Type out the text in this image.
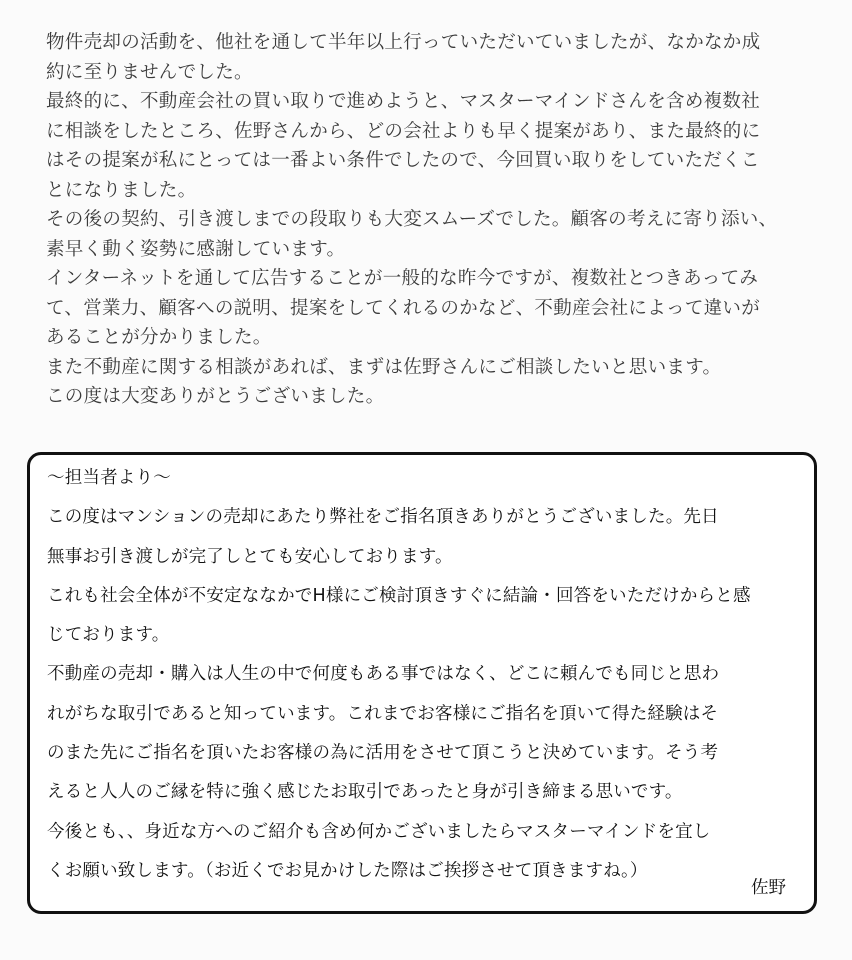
物件売却の活動を、他社を通して半年以上行っていただいていましたが、なかなか成
約に至りませんでした。
最終的に、不動産会社の買い取りで進めようと、マスターマインドさんを含め複数社
に相談をしたところ、佐野さんから、どの会社よりも早く提案があり、また最終的に
はその提案が私にとっては一番よい条件でしたので、今回買い取りをしていただくこ
とになりました。
その後の契約、引き渡しまでの段取りも大変スムーズでした。顧客の考えに寄り添い、
素早く動く姿勢に感謝しています。
インターネットを通して広告することが一般的な昨今ですが、複数社とつきあってみ
て、営業力、顧客への説明、提案をしてくれるのかなど、不動産会社によって違いが
あることが分かりました。
また不動産に関する相談があれば、まずは佐野さんにご相談したいと思います。
この度は大変ありがとうございました。
～担当者より～
この度はマンションの売却にあたり弊社をご指名頂きありがとうございました。先日
無事お引き渡しが完了しとても安心しております。
これも社会全体が不安定ななかでH様にご検討頂きすぐに結論・回答をいただけからと感
じております。
不動産の売却・購入は人生の中で何度もある事ではなく、どこに頼んでも同じと思わ
れがちな取引であると知っています。これまでお客様にご指名を頂いて得た経験はそ
のまた先にご指名を頂いたお客様の為に活用をさせて頂こうと決めています。そう考
えると人人のご縁を特に強く感じたお取引であったと身が引き締まる思いです。
今後とも、、身近な方へのご紹介も含め何かございましたらマスターマインドを宜し
くお願い致します。（お近くでお見かけした際はご挨拶させて頂きますね。）
佐野
